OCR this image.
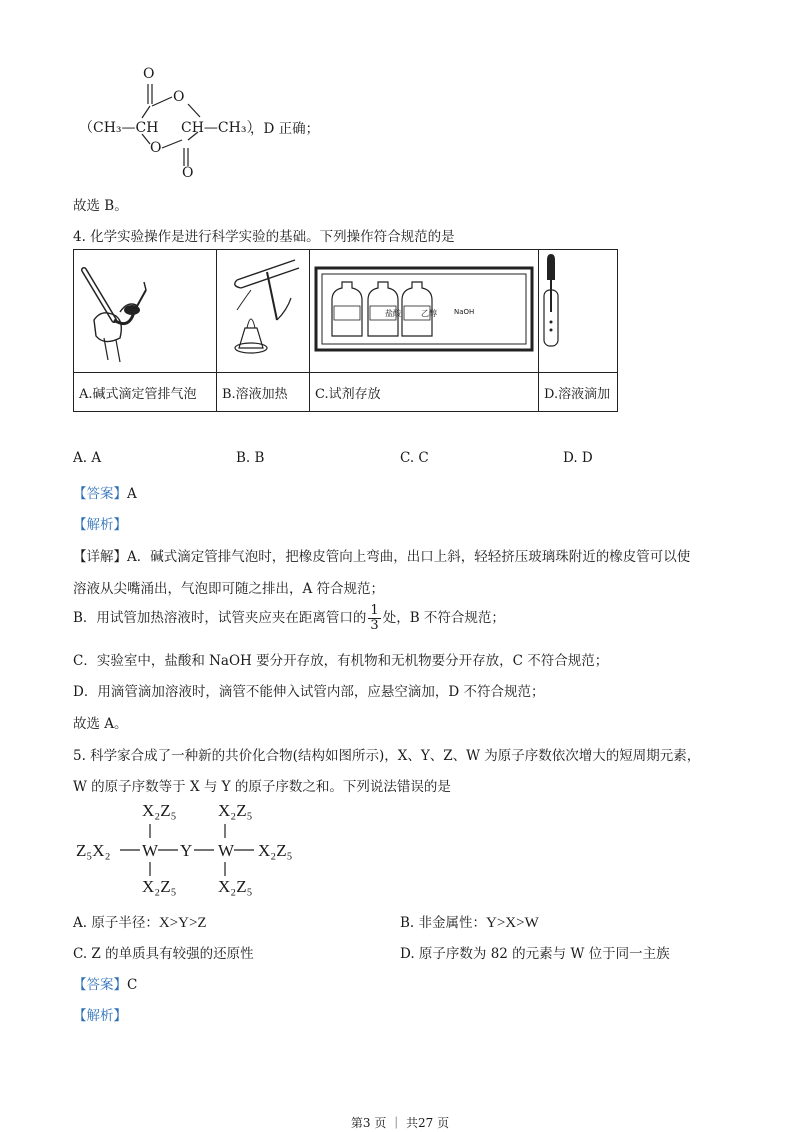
O
O
（CH₃—CH CH—CH₃）
O
O
，D 正确；
故选 B。
4. 化学实验操作是进行科学实验的基础。下列操作符合规范的是

A.碱式滴定管排气泡	B.溶液加热	C.试剂存放	D.溶液滴加
盐酸	乙醇 NaOH
A. A	B. B	C. C	D. D
【答案】A
【解析】
【详解】A．碱式滴定管排气泡时，把橡皮管向上弯曲，出口上斜，轻轻挤压玻璃珠附近的橡皮管可以使
溶液从尖嘴涌出，气泡即可随之排出，A 符合规范；
B．用试管加热溶液时，试管夹应夹在距离管口的 $\frac{1}{3}$ 处，B 不符合规范；
C．实验室中，盐酸和 NaOH 要分开存放，有机物和无机物要分开存放，C 不符合规范；
D．用滴管滴加溶液时，滴管不能伸入试管内部，应悬空滴加，D 不符合规范；
故选 A。
5. 科学家合成了一种新的共价化合物(结构如图所示)，X、Y、Z、W 为原子序数依次增大的短周期元素，
W 的原子序数等于 X 与 Y 的原子序数之和。下列说法错误的是
X₂Z₅ X₂Z₅
Z₅X₂ W Y W X₂Z₅
X₂Z₅ X₂Z₅
A. 原子半径：X>Y>Z	B. 非金属性：Y>X>W
C. Z 的单质具有较强的还原性	D. 原子序数为 82 的元素与 W 位于同一主族
【答案】C
【解析】
第3 页 ｜ 共27 页
